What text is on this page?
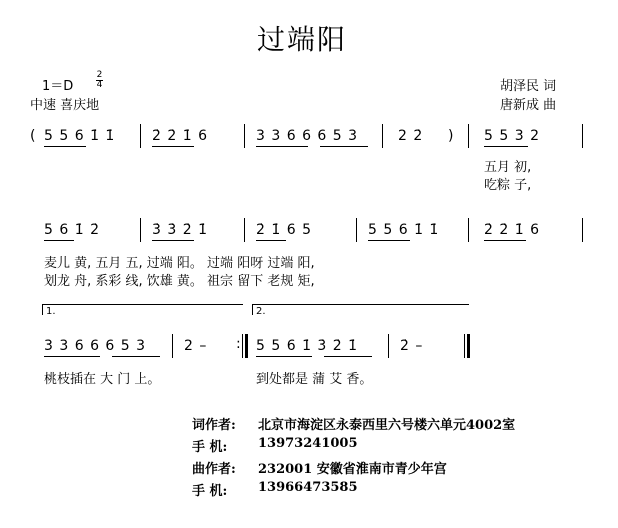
过端阳
1＝D
2
4
中速 喜庆地
胡泽民 词
唐新成 曲
( 5 5 6 1̇ 1̇	2̇ 2̇ 1̇ 6	3 3 6 6 6 5 3	2 2̇ ) 5 5 3 2
五月 初,
吃粽 子,
5 6 1̇ 2̇	3̇ 3̇ 2̇ 1̇	2̇ 1̇ 6 5	5 5 6 1̇ 1̇	2̇ 2̇ 1̇ 6
麦儿 黄, 五月 五, 过端 阳。 过端 阳呀 过端 阳,
划龙 舟, 系彩 线, 饮雄 黄。 祖宗 留下 老规 矩,
1.	2.
3 3 6 6 6 5 3	2 – : 5 5 6 1̇ 3̇ 2̇ 1̇	2̇ –
桃枝插在 大 门 上。	到处都是 蒲 艾 香。
词作者: 北京市海淀区永泰西里六号楼六单元4002室
手 机: 13973241005
曲作者: 232001 安徽省淮南市青少年宫
手 机: 13966473585
